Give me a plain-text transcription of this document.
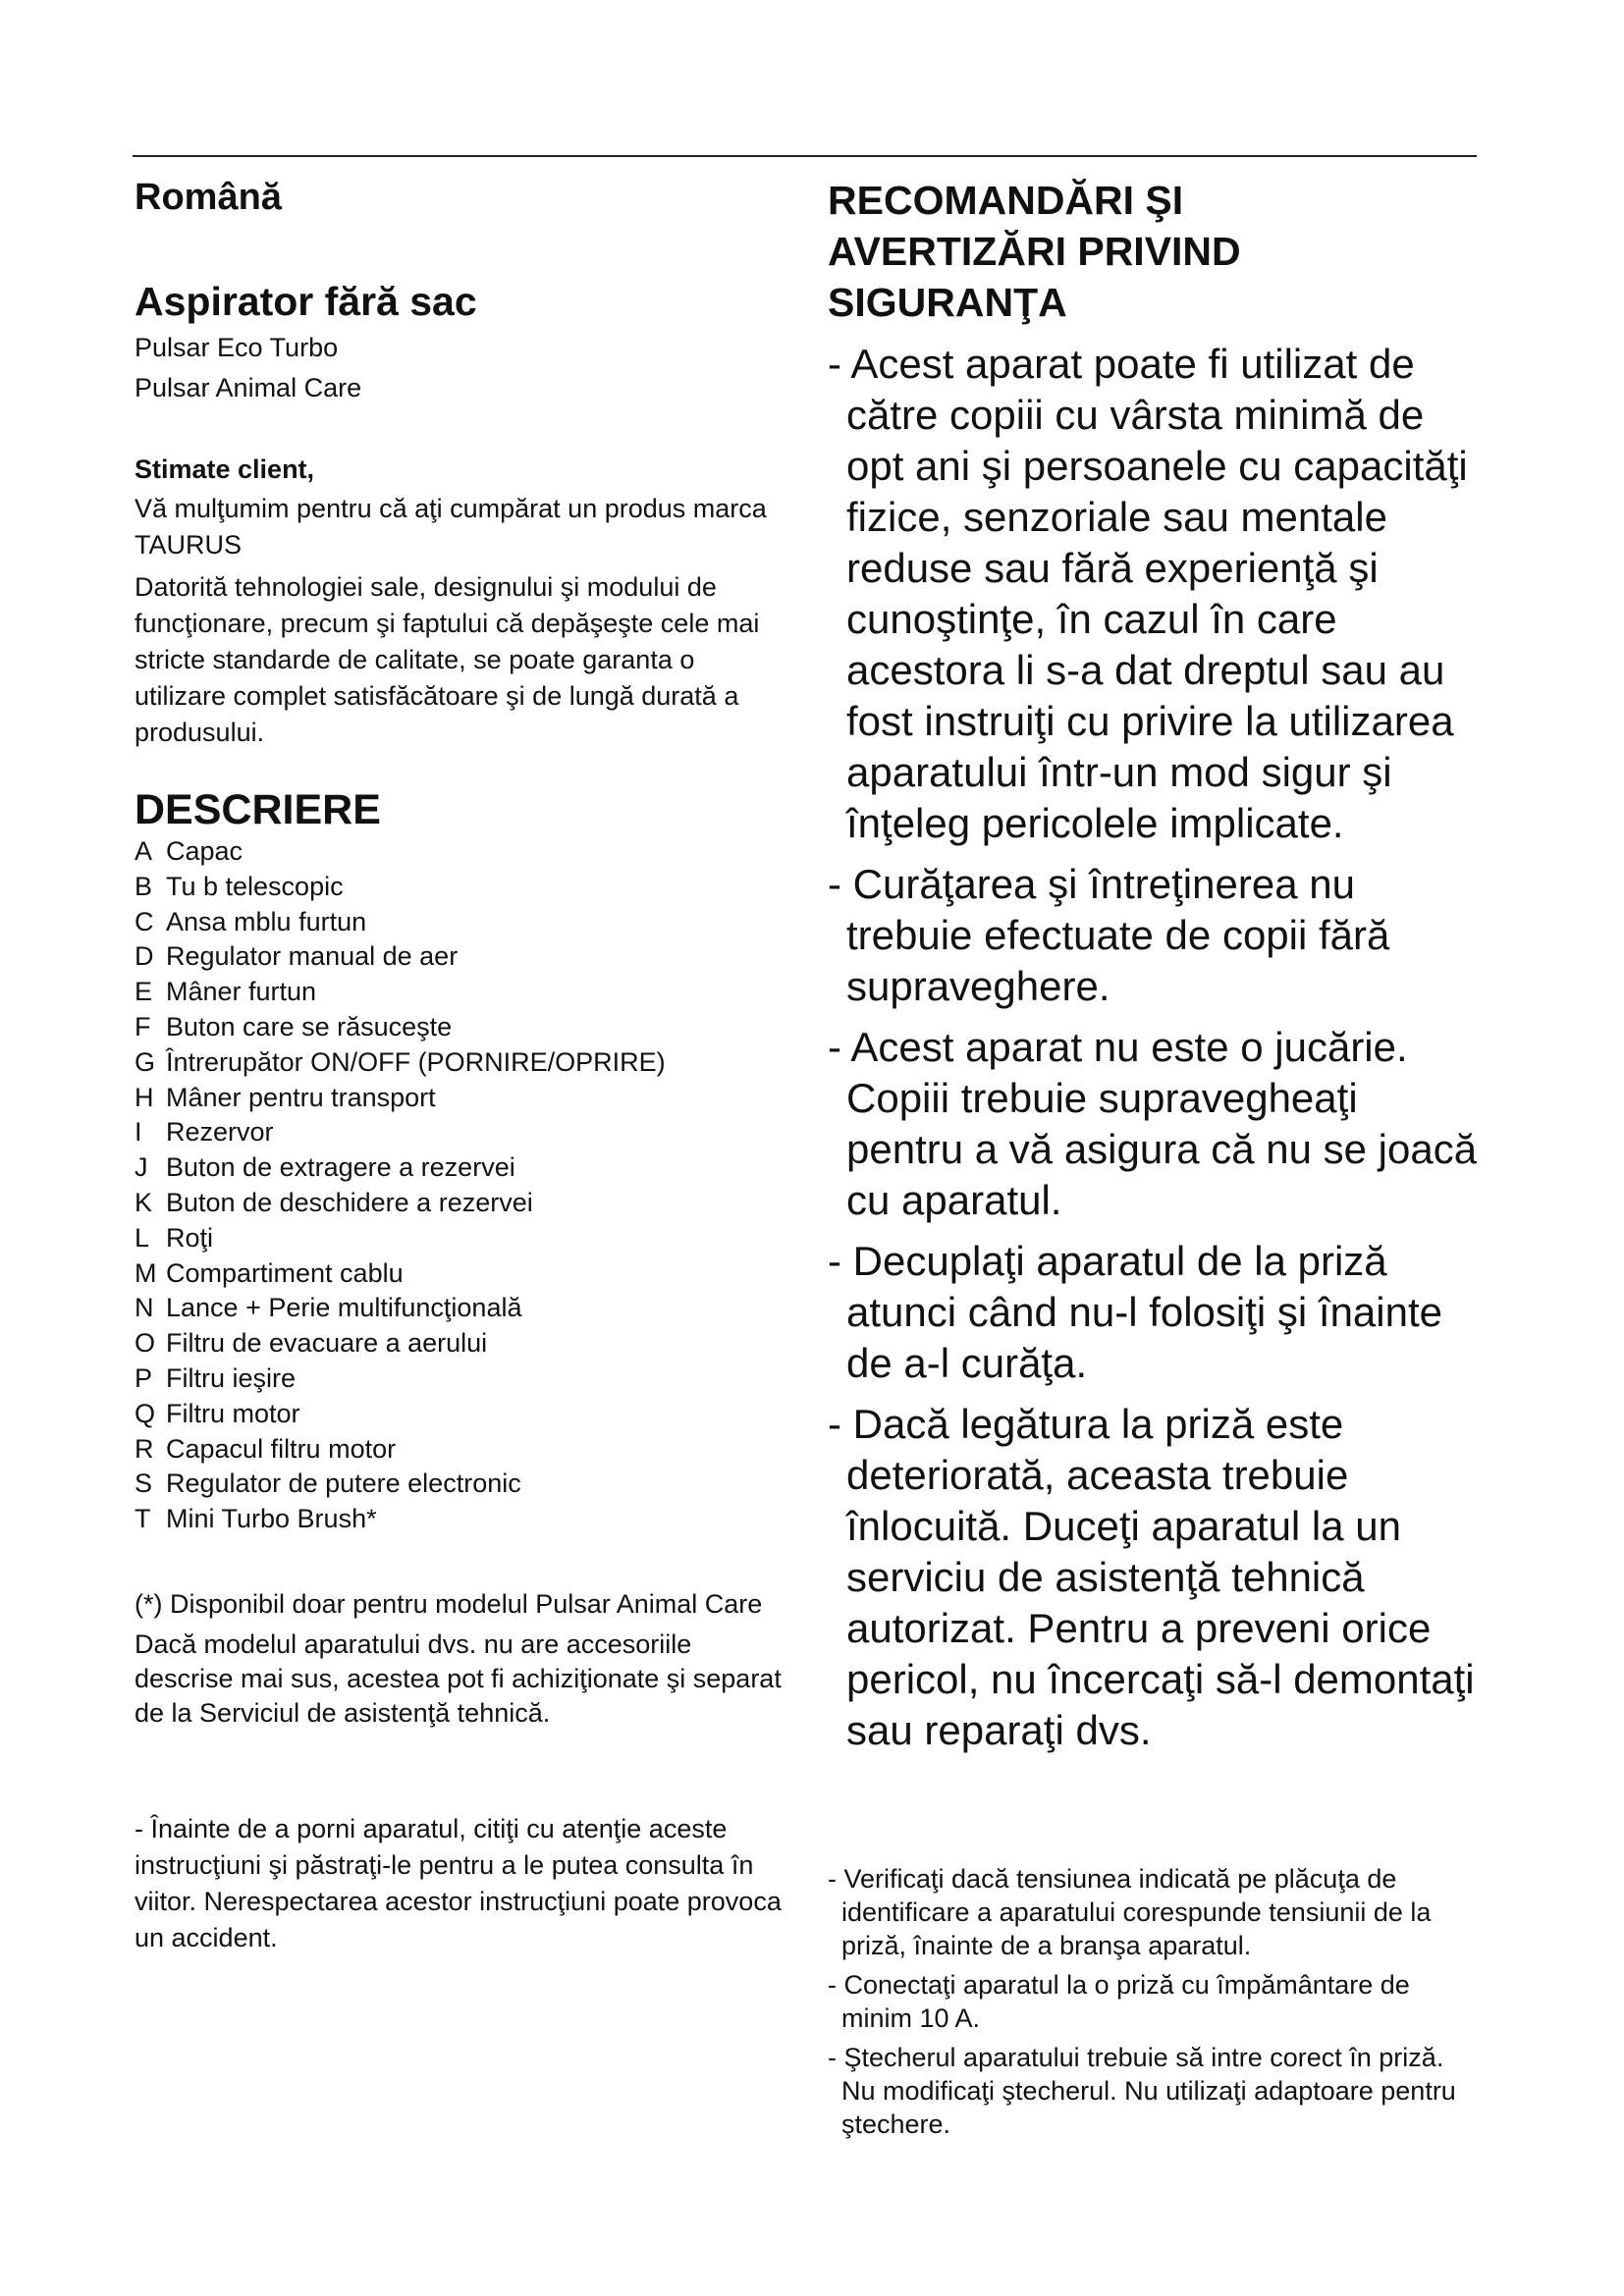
Română
Aspirator fără sac
Pulsar Eco Turbo
Pulsar Animal Care
Stimate client,

Vă mulţumim pentru că aţi cumpărat un produs marca TAURUS

Datorită tehnologiei sale, designului şi modului de funcţionare, precum şi faptului că depăşeşte cele mai stricte standarde de calitate, se poate garanta o utilizare complet satisfăcătoare şi de lungă durată a produsului.

DESCRIERE
A Capac
B Tu b telescopic
C Ansa mblu furtun
D Regulator manual de aer
E Mâner furtun
F Buton care se răsuceşte
G Întrerupător ON/OFF (PORNIRE/OPRIRE)
H Mâner pentru transport
I Rezervor
J Buton de extragere a rezervei
K Buton de deschidere a rezervei
L Roţi
M Compartiment cablu
N Lance + Perie multifuncţională
O Filtru de evacuare a aerului
P Filtru ieşire
Q Filtru motor
R Capacul filtru motor
S Regulator de putere electronic
T Mini Turbo Brush*

(*) Disponibil doar pentru modelul Pulsar Animal Care

Dacă modelul aparatului dvs. nu are accesoriile descrise mai sus, acestea pot fi achiziţionate şi separat de la Serviciul de asistenţă tehnică.

- Înainte de a porni aparatul, citiţi cu atenţie aceste instrucţiuni şi păstraţi-le pentru a le putea consulta în viitor. Nerespectarea acestor instrucţiuni poate provoca un accident.

RECOMANDĂRI ŞI
AVERTIZĂRI PRIVIND
SIGURANŢA
- Acest aparat poate fi utilizat de către copiii cu vârsta minimă de opt ani şi persoanele cu capacităţi fizice, senzoriale sau mentale reduse sau fără experienţă şi cunoştinţe, în cazul în care acestora li s-a dat dreptul sau au fost instruiţi cu privire la utilizarea aparatului într-un mod sigur şi înţeleg pericolele implicate.
- Curăţarea şi întreţinerea nu trebuie efectuate de copii fără supraveghere.
- Acest aparat nu este o jucărie. Copiii trebuie supravegheaţi pentru a vă asigura că nu se joacă cu aparatul.
- Decuplaţi aparatul de la priză atunci când nu-l folosiţi şi înainte de a-l curăţa.
- Dacă legătura la priză este deteriorată, aceasta trebuie înlocuită. Duceţi aparatul la un serviciu de asistenţă tehnică autorizat. Pentru a preveni orice pericol, nu încercaţi să-l demontaţi sau reparaţi dvs.
- Verificaţi dacă tensiunea indicată pe plăcuţa de identificare a aparatului corespunde tensiunii de la priză, înainte de a branşa aparatul.
- Conectaţi aparatul la o priză cu împământare de minim 10 A.
- Ştecherul aparatului trebuie să intre corect în priză. Nu modificaţi ştecherul. Nu utilizaţi adaptoare pentru ştechere.
